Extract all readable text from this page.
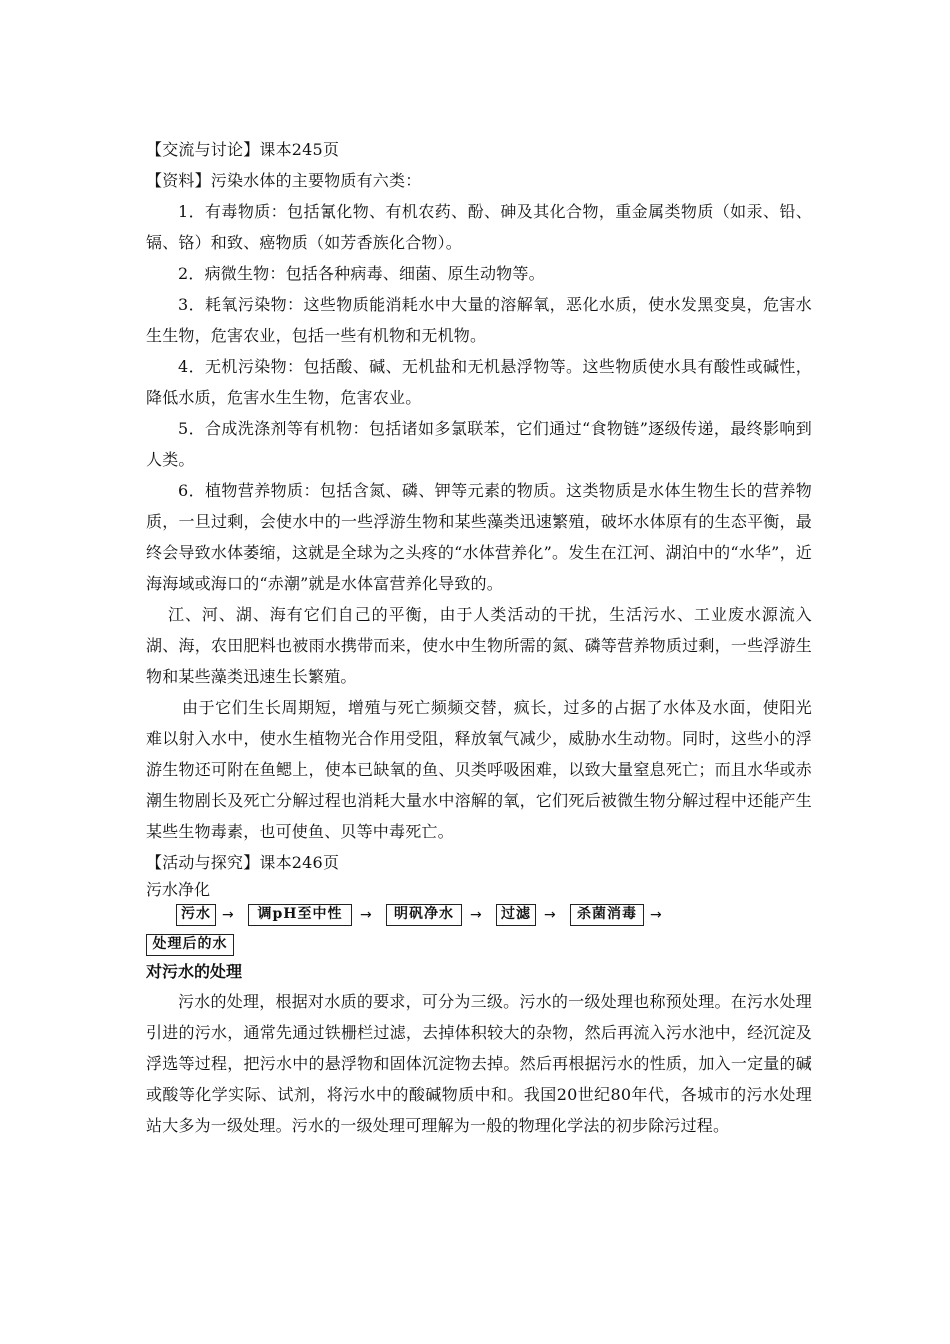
【交流与讨论】课本245页
【资料】污染水体的主要物质有六类：
1．有毒物质：包括氰化物、有机农药、酚、砷及其化合物，重金属类物质（如汞、铅、镉、铬）和致、癌物质（如芳香族化合物）。
2．病微生物：包括各种病毒、细菌、原生动物等。
3．耗氧污染物：这些物质能消耗水中大量的溶解氧，恶化水质，使水发黑变臭，危害水生生物，危害农业，包括一些有机物和无机物。
4．无机污染物：包括酸、碱、无机盐和无机悬浮物等。这些物质使水具有酸性或碱性，降低水质，危害水生生物，危害农业。
5．合成洗涤剂等有机物：包括诸如多氯联苯，它们通过“食物链”逐级传递，最终影响到人类。
6．植物营养物质：包括含氮、磷、钾等元素的物质。这类物质是水体生物生长的营养物质，一旦过剩，会使水中的一些浮游生物和某些藻类迅速繁殖，破坏水体原有的生态平衡，最终会导致水体萎缩，这就是全球为之头疼的“水体营养化”。发生在江河、湖泊中的“水华”，近海海域或海口的“赤潮”就是水体富营养化导致的。
江、河、湖、海有它们自己的平衡，由于人类活动的干扰，生活污水、工业废水源流入湖、海，农田肥料也被雨水携带而来，使水中生物所需的氮、磷等营养物质过剩，一些浮游生物和某些藻类迅速生长繁殖。
由于它们生长周期短，增殖与死亡频频交替，疯长，过多的占据了水体及水面，使阳光难以射入水中，使水生植物光合作用受阻，释放氧气减少，威胁水生动物。同时，这些小的浮游生物还可附在鱼鳃上，使本已缺氧的鱼、贝类呼吸困难，以致大量窒息死亡；而且水华或赤潮生物剧长及死亡分解过程也消耗大量水中溶解的氧，它们死后被微生物分解过程中还能产生某些生物毒素，也可使鱼、贝等中毒死亡。
【活动与探究】课本246页
污水净化
污水 →	调pH至中性	→	明矾净水	→	过滤 →	杀菌消毒 →
处理后的水
对污水的处理
污水的处理，根据对水质的要求，可分为三级。污水的一级处理也称预处理。在污水处理引进的污水，通常先通过铁栅栏过滤，去掉体积较大的杂物，然后再流入污水池中，经沉淀及浮选等过程，把污水中的悬浮物和固体沉淀物去掉。然后再根据污水的性质，加入一定量的碱或酸等化学实际、试剂，将污水中的酸碱物质中和。我国20世纪80年代，各城市的污水处理站大多为一级处理。污水的一级处理可理解为一般的物理化学法的初步除污过程。
